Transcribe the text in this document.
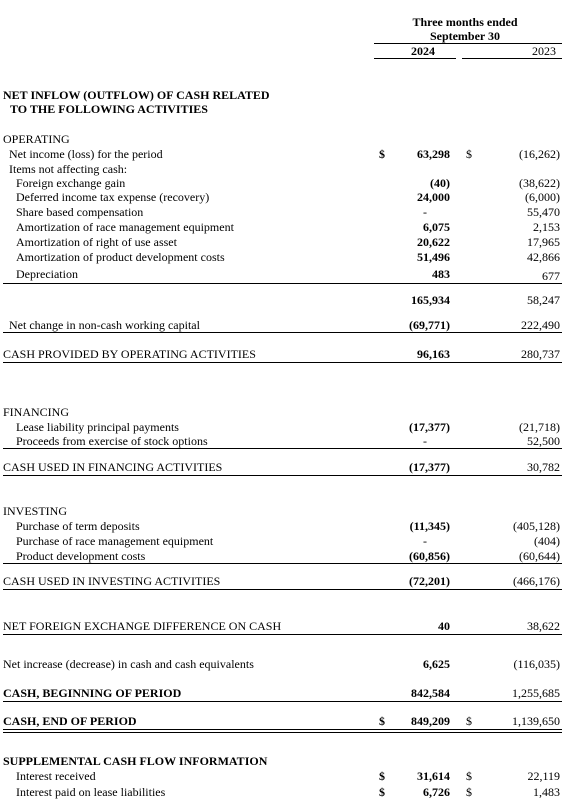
Three months ended
September 30
2024	2023
NET INFLOW (OUTFLOW) OF CASH RELATED
TO THE FOLLOWING ACTIVITIES
OPERATING
Net income (loss) for the period	$	63,298 $	(16,262)
Items not affecting cash:
Foreign exchange gain	(40)	(38,622)
Deferred income tax expense (recovery)	24,000	(6,000)
Share based compensation	-	55,470
Amortization of race management equipment	6,075	2,153
Amortization of right of use asset	20,622	17,965
Amortization of product development costs	51,496	42,866
Depreciation	483	677
165,934	58,247
Net change in non-cash working capital	(69,771)	222,490
CASH PROVIDED BY OPERATING ACTIVITIES	96,163	280,737
FINANCING
Lease liability principal payments	(17,377)	(21,718)
Proceeds from exercise of stock options	-	52,500
CASH USED IN FINANCING ACTIVITIES	(17,377)	30,782
INVESTING
Purchase of term deposits	(11,345)	(405,128)
Purchase of race management equipment	-	(404)
Product development costs	(60,856)	(60,644)
CASH USED IN INVESTING ACTIVITIES	(72,201)	(466,176)
NET FOREIGN EXCHANGE DIFFERENCE ON CASH	40	38,622
Net increase (decrease) in cash and cash equivalents	6,625	(116,035)
CASH, BEGINNING OF PERIOD	842,584	1,255,685
CASH, END OF PERIOD	$	849,209 $	1,139,650
SUPPLEMENTAL CASH FLOW INFORMATION
Interest received	$	31,614 $	22,119
Interest paid on lease liabilities	$	6,726 $	1,483
